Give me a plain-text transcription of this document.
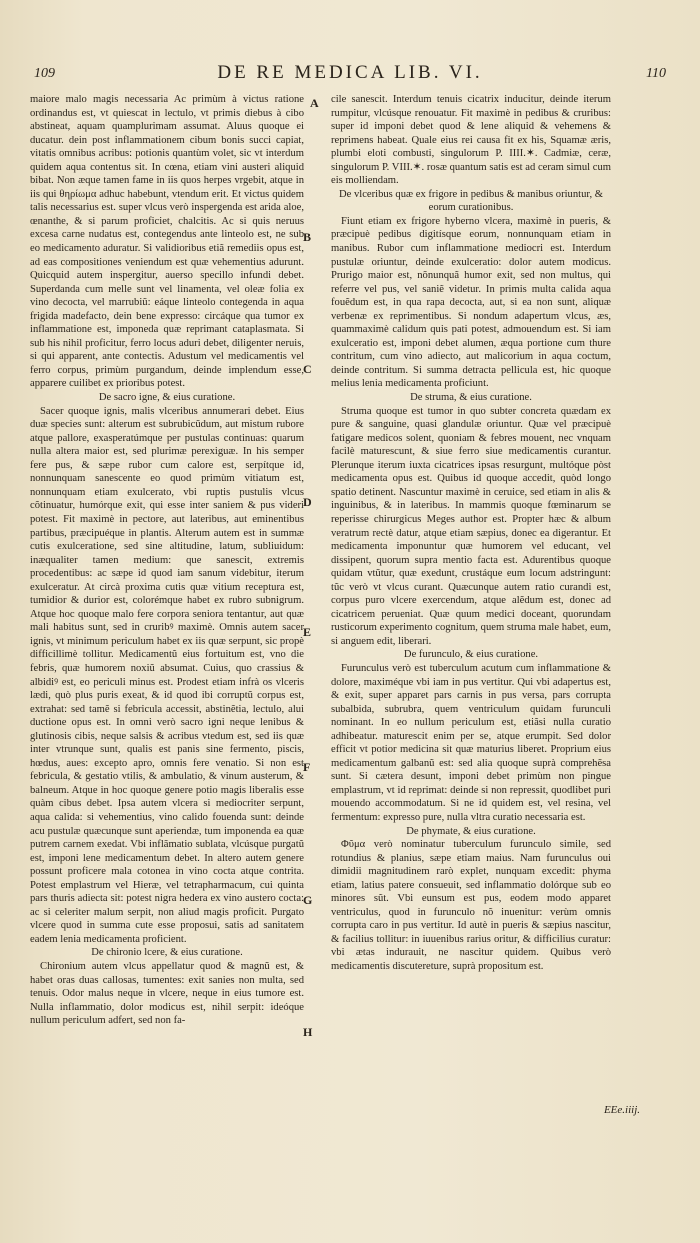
109	DE RE MEDICA LIB. VI.	110

maiore malo magis necessaria Ac primùm à victus ratione ordinandus est, vt quiescat in lectulo, vt primis diebus à cibo abstineat, aquam quamplurimam assumat. Aluus quoque ei ducatur. dein post inflammationem cibum bonis succi capiat, vitatis omnibus acribus: potionis quantùm volet, sic vt interdum quidem aqua contentus sit. In cœna, etiam vini austeri aliquid bibat. Non æque tamen fame in iis quos herpes vrgebit, atque in iis qui θηρίωμα adhuc habebunt, vtendum erit. Et victus quidem talis necessarius est. super vlcus verò inspergenda est arida aloe, œnanthe, & si parum proficiet, chalcitis. Ac si quis neruus excesa carne nudatus est, contegendus ante linteolo est, ne sub eo medicamento aduratur. Si validioribus etiã remediis opus est, ad eas compositiones veniendum est quæ vehementius adurunt. Quicquid autem inspergitur, auerso specillo infundi debet. Superdanda cum melle sunt vel linamenta, vel oleæ folia ex vino decocta, vel marrubiũ: eáque linteolo contegenda in aqua frigida madefacto, dein bene expresso: circáque qua tumor ex inflammatione est, imponeda quæ reprimant cataplasmata. Si sub his nihil proficitur, ferro locus aduri debet, diligenter neruis, si qui apparent, ante contectis. Adustum vel medicamentis vel ferro corpus, primùm purgandum, deinde implendum esse, apparere cuilibet ex prioribus potest.

De sacro igne, & eius curatione.

Sacer quoque ignis, malis vlceribus annumerari debet. Eius duæ species sunt: alterum est subrubicũdum, aut mistum rubore atque pallore, exasperatúmque per pustulas continuas: quarum nulla altera maior est, sed plurimæ perexiguæ. In his semper fere pus, & sæpe rubor cum calore est, serpítque id, nonnunquam sanescente eo quod primùm vitiatum est, nonnunquam etiam exulcerato, vbi ruptis pustulis vlcus cõtinuatur, humórque exit, qui esse inter saniem & pus videri potest. Fit maximè in pectore, aut lateribus, aut eminentibus partibus, præcipuéque in plantis. Alterum autem est in summæ cutis exulceratione, sed sine altitudine, latum, subliuidum: inæqualiter tamen medium: que sanescit, extremis procedentibus: ac sæpe id quod iam sanum videbitur, iterum exulceratur. At circà proxima cutis quæ vitium receptura est, tumidior & durior est, colorémque habet ex rubro subnigrum. Atque hoc quoque malo fere corpora seniora tentantur, aut quæ mali habitus sunt, sed in cruribꝰ maximè. Omnis autem sacer ignis, vt minimum periculum habet ex iis quæ serpunt, sic propè difficillimè tollitur. Medicamentũ eius fortuitum est, vno die febris, quæ humorem noxiũ absumat. Cuius, quo crassius & albidiꝰ est, eo periculi minus est. Prodest etiam infrà os vlceris lædi, quò plus puris exeat, & id quod ibi corruptũ corpus est, extrahat: sed tamẽ si febricula accessit, abstinẽtia, lectulo, alui ductione opus est. In omni verò sacro igni neque lenibus & glutinosis cibis, neque salsis & acribus vtedum est, sed iis quæ inter vtrunque sunt, qualis est panis sine fermento, piscis, hœdus, aues: excepto apro, omnis fere venatio. Si non est febricula, & gestatio vtilis, & ambulatio, & vinum austerum, & balneum. Atque in hoc quoque genere potio magis liberalis esse quàm cibus debet. Ipsa autem vlcera si mediocriter serpunt, aqua calida: si vehementius, vino calido fouenda sunt: deinde acu pustulæ quæcunque sunt aperiendæ, tum imponenda ea quæ putrem carnem exedat. Vbi inflãmatio sublata, vlcúsque purgatũ est, imponi lene medicamentum debet. In altero autem genere possunt proficere mala cotonea in vino cocta atque contrita. Potest emplastrum vel Hieræ, vel tetrapharmacum, cui quinta pars thuris adiecta sit: potest nigra hedera ex vino austero cocta: ac si celeriter malum serpit, non aliud magis proficit. Purgato vlcere quod in summa cute esse proposui, satis ad sanitatem eadem lenia medicamenta proficient.

De chironio lcere, & eius curatione.

Chironium autem vlcus appellatur quod & magnũ est, & habet oras duas callosas, tumentes: exit sanies non multa, sed tenuis. Odor malus neque in vlcere, neque in eius tumore est. Nulla inflammatio, dolor modicus est, nihil serpit: ideóque nullum periculum adfert, sed non fa-

cile sanescit. Interdum tenuis cicatrix inducitur, deinde iterum rumpitur, vlcúsque renouatur. Fit maximè in pedibus & cruribus: super id imponi debet quod & lene aliquid & vehemens & reprimens habeat. Quale eius rei causa fit ex his, Squamæ æris, plumbi eloti combusti, singulorum P. IIII.✶. Cadmiæ, ceræ, singulorum P. VIII.✶. rosæ quantum satis est ad ceram simul cum eis molliendam.

De vlceribus quæ ex frigore in pedibus & manibus oriuntur, & eorum curationibus.

Fiunt etiam ex frigore hyberno vlcera, maximè in pueris, & præcipuè pedibus digitísque eorum, nonnunquam etiam in manibus. Rubor cum inflammatione mediocri est. Interdum pustulæ oriuntur, deinde exulceratio: dolor autem modicus. Prurigo maior est, nõnunquã humor exit, sed non multus, qui referre vel pus, vel saniẽ videtur. In primis multa calida aqua fouẽdum est, in qua rapa decocta, aut, si ea non sunt, aliquæ verbenæ ex reprimentibus. Si nondum adapertum vlcus, æs, quammaximè calidum quis pati potest, admouendum est. Si iam exulceratio est, imponi debet alumen, æqua portione cum thure contritum, cum vino adiecto, aut malicorium in aqua coctum, deinde contritum. Si summa detracta pellicula est, hic quoque melius lenia medicamenta proficiunt.

De struma, & eius curatione.

Struma quoque est tumor in quo subter concreta quædam ex pure & sanguine, quasi glandulæ oriuntur. Quæ vel præcipuè fatigare medicos solent, quoniam & febres mouent, nec vnquam facilè maturescunt, & siue ferro siue medicamentis curantur. Plerunque iterum iuxta cicatrices ipsas resurgunt, multóque pòst medicamenta opus est. Quibus id quoque accedit, quòd longo spatio detinent. Nascuntur maximè in ceruice, sed etiam in alis & inguinibus, & in lateribus. In mammis quoque fœminarum se reperisse chirurgicus Meges author est. Propter hæc & album veratrum rectè datur, atque etiam sæpius, donec ea digerantur. Et medicamenta imponuntur quæ humorem vel educant, vel dissipent, quorum supra mentio facta est. Adurentibus quoque quidam vtũtur, quæ exedunt, crustáque eum locum adstringunt: tũc verò vt vlcus curant. Quæcunque autem ratio curandi est, corpus puro vlcere exercendum, atque alẽdum est, donec ad cicatricem perueniat. Quæ quum medici doceant, quorundam rusticorum experimento cognitum, quem struma male habet, eum, si anguem edit, liberari.

De furunculo, & eius curatione.

Furunculus verò est tuberculum acutum cum inflammatione & dolore, maximéque vbi iam in pus vertitur. Qui vbi adapertus est, & exit, super apparet pars carnis in pus versa, pars corrupta subalbida, subrubra, quem ventriculum quidam furunculi nominant. In eo nullum periculum est, etiãsi nulla curatio adhibeatur. maturescit enim per se, atque erumpit. Sed dolor efficit vt potior medicina sit quæ maturius liberet. Proprium eius medicamentum galbanũ est: sed alia quoque suprà comprehẽsa sunt. Si cætera desunt, imponi debet primùm non pingue emplastrum, vt id reprimat: deinde si non repressit, quodlibet puri mouendo accommodatum. Si ne id quidem est, vel resina, vel fermentum: expresso pure, nulla vltra curatio necessaria est.

De phymate, & eius curatione.

Φῦμα verò nominatur tuberculum furunculo simile, sed rotundius & planius, sæpe etiam maius. Nam furunculus oui dimidii magnitudinem rarò explet, nunquam excedit: phyma etiam, latius patere consueuit, sed inflammatio dolórque sub eo minores sũt. Vbi eunsum est pus, eodem modo apparet ventriculus, quod in furunculo nõ inuenitur: verùm omnis corrupta caro in pus vertitur. Id autè in pueris & sæpius nascitur, & facilius tollitur: in iuuenibus rarius oritur, & difficilius curatur: vbi ætas indurauit, ne nascitur quidem. Quibus verò medicamentis discutereture, suprà propositum est.

A
B
C
D
E
F
G
H
EEe.iiij.
